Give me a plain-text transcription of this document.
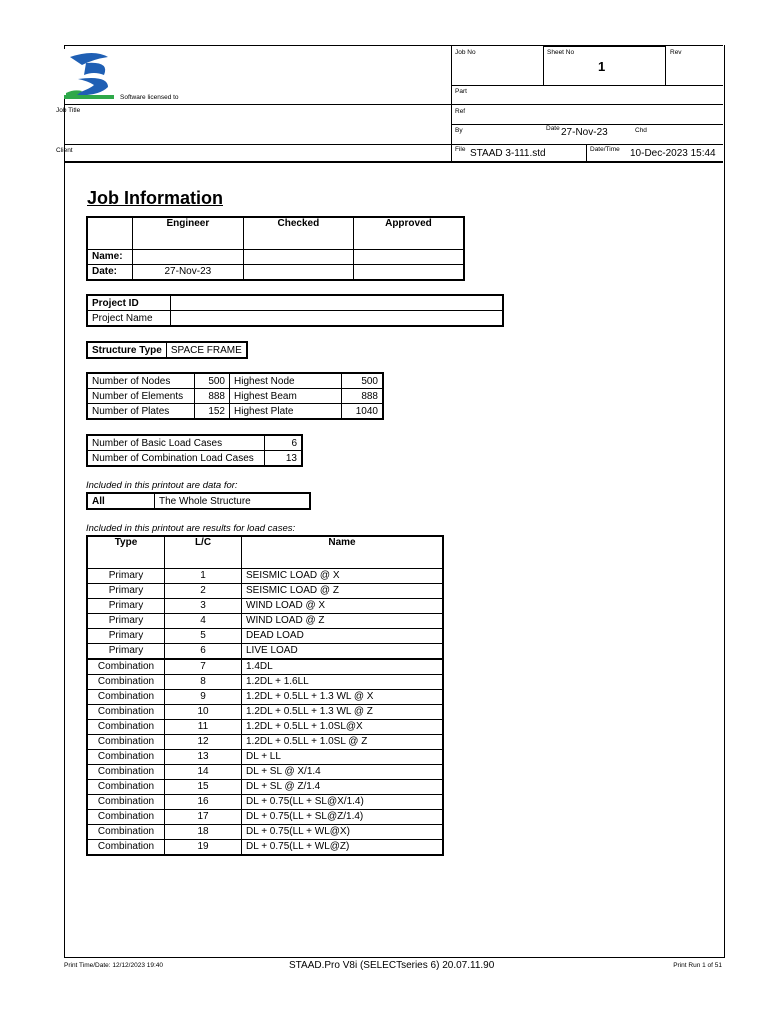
Software licensed to
Job Title
Client
Job No	Sheet No
1
Rev
Part
Ref
By	Date 27-Nov-23	Chd
File STAAD 3-111.std	Date/Time 10-Dec-2023 15:44
Job Information
	Engineer	Checked	Approved
Name:			
Date:	27-Nov-23		
Project ID	
Project Name	
Structure Type	SPACE FRAME
Number of Nodes	500	Highest Node	500
Number of Elements	888	Highest Beam	888
Number of Plates	152	Highest Plate	1040
Number of Basic Load Cases	6
Number of Combination Load Cases	13
Included in this printout are data for:
All	The Whole Structure
Included in this printout are results for load cases:
Type	L/C	Name
Primary	1	SEISMIC LOAD @ X
Primary	2	SEISMIC LOAD @ Z
Primary	3	WIND LOAD @ X
Primary	4	WIND LOAD @ Z
Primary	5	DEAD LOAD
Primary	6	LIVE LOAD
Combination	7	1.4DL
Combination	8	1.2DL + 1.6LL
Combination	9	1.2DL + 0.5LL + 1.3 WL @ X
Combination	10	1.2DL + 0.5LL + 1.3 WL @ Z
Combination	11	1.2DL + 0.5LL + 1.0SL@X
Combination	12	1.2DL + 0.5LL + 1.0SL @ Z
Combination	13	DL + LL
Combination	14	DL + SL @ X/1.4
Combination	15	DL + SL @ Z/1.4
Combination	16	DL + 0.75(LL + SL@X/1.4)
Combination	17	DL + 0.75(LL + SL@Z/1.4)
Combination	18	DL + 0.75(LL + WL@X)
Combination	19	DL + 0.75(LL + WL@Z)
Print Time/Date: 12/12/2023 19:40	STAAD.Pro V8i (SELECTseries 6) 20.07.11.90	Print Run 1 of 51
